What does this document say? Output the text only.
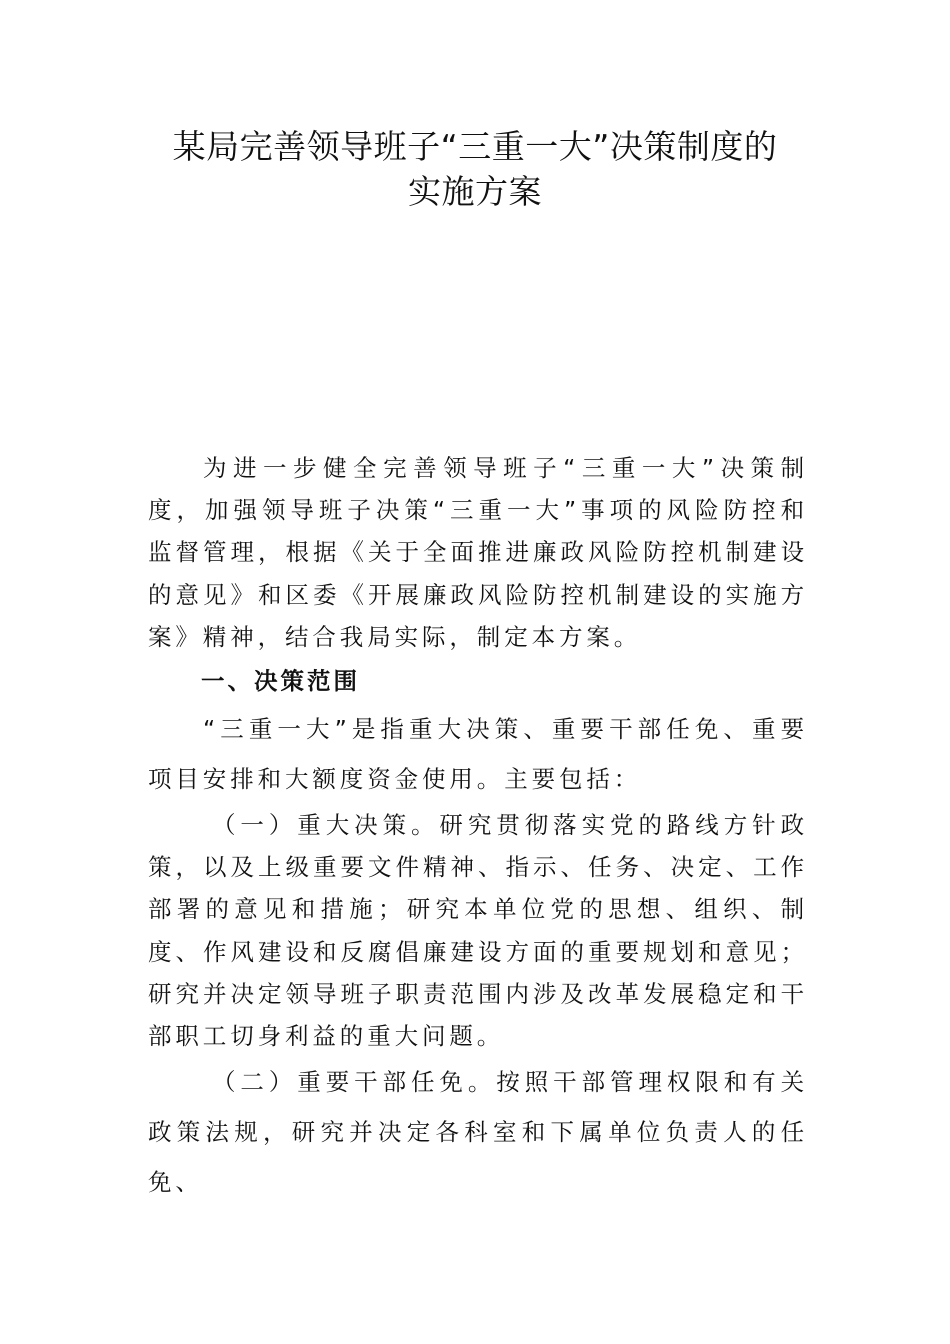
某局完善领导班子“三重一大”决策制度的
实施方案

为进一步健全完善领导班子“三重一大”决策制度，加强领导班子决策“三重一大”事项的风险防控和监督管理，根据《关于全面推进廉政风险防控机制建设的意见》和区委《开展廉政风险防控机制建设的实施方案》精神，结合我局实际，制定本方案。

一、决策范围

“三重一大”是指重大决策、重要干部任免、重要项目安排和大额度资金使用。主要包括：

（一）重大决策。研究贯彻落实党的路线方针政策，以及上级重要文件精神、指示、任务、决定、工作部署的意见和措施；研究本单位党的思想、组织、制度、作风建设和反腐倡廉建设方面的重要规划和意见；研究并决定领导班子职责范围内涉及改革发展稳定和干部职工切身利益的重大问题。

（二）重要干部任免。按照干部管理权限和有关政策法规，研究并决定各科室和下属单位负责人的任免、
